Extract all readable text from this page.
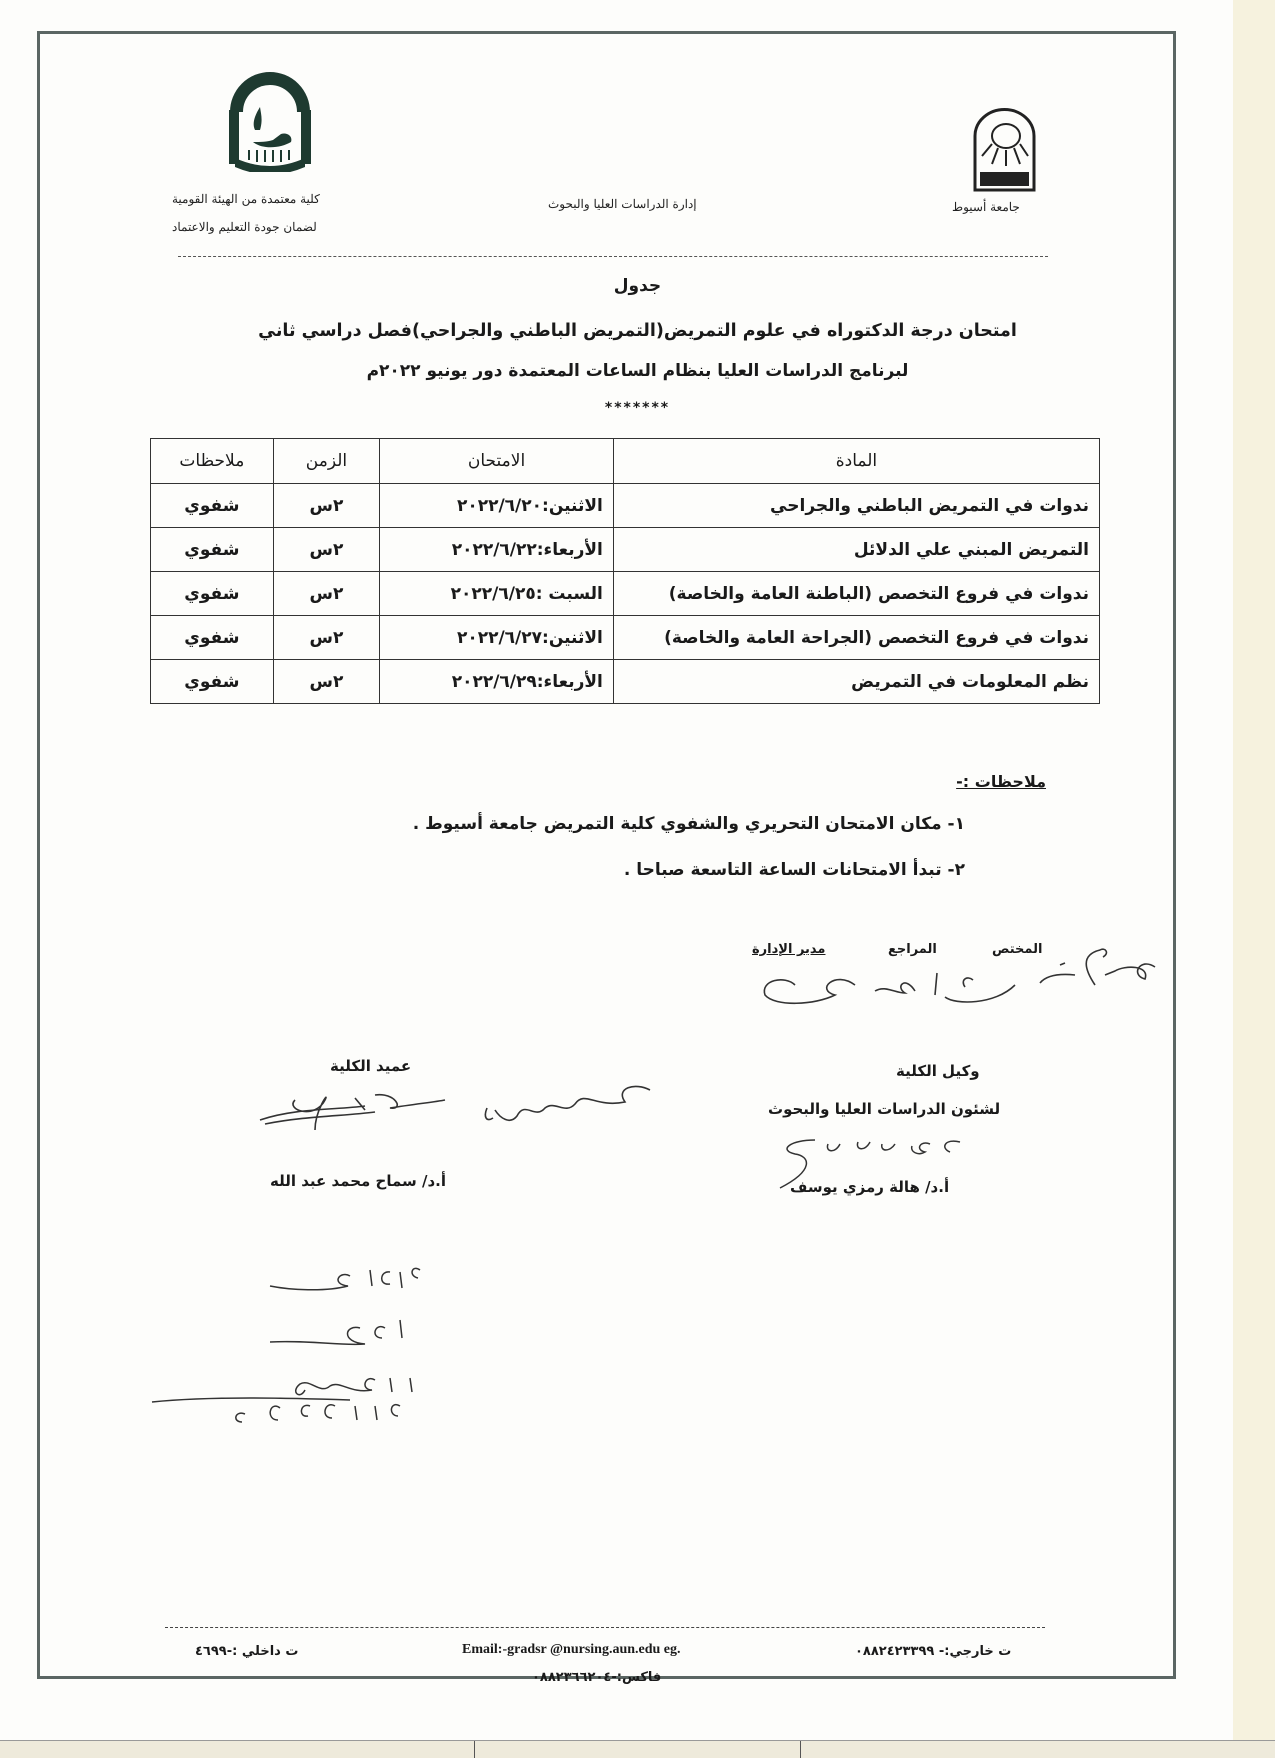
جامعة أسيوط
إدارة الدراسات العليا والبحوث
كلية معتمدة من الهيئة القومية
لضمان جودة التعليم والاعتماد
جدول
امتحان درجة الدكتوراه في علوم التمريض(التمريض الباطني والجراحي)فصل دراسي ثاني
لبرنامج الدراسات العليا بنظام الساعات المعتمدة دور يونيو ٢٠٢٢م
*******
المادة	الامتحان	الزمن	ملاحظات
ندوات في التمريض الباطني والجراحي	الاثنين:٢٠٢٢/٦/٢٠	٢س	شفوي
التمريض المبني علي الدلائل	الأربعاء:٢٠٢٢/٦/٢٢	٢س	شفوي
ندوات في فروع التخصص (الباطنة العامة والخاصة)	السبت :٢٠٢٢/٦/٢٥	٢س	شفوي
ندوات في فروع التخصص (الجراحة العامة والخاصة)	الاثنين:٢٠٢٢/٦/٢٧	٢س	شفوي
نظم المعلومات في التمريض	الأربعاء:٢٠٢٢/٦/٢٩	٢س	شفوي
ملاحظات :-
١- مكان الامتحان التحريري والشفوي كلية التمريض جامعة أسيوط .
٢- تبدأ الامتحانات الساعة التاسعة صباحا .
المختص
المراجع
مدير الإدارة
وكيل الكلية
لشئون الدراسات العليا والبحوث
أ.د/ هالة رمزي يوسف
عميد الكلية
أ.د/ سماح محمد عبد الله
ت خارجي:- ٠٨٨٢٤٢٣٣٩٩
Email:-gradsr @nursing.aun.edu eg.
ت داخلي :-٤٦٩٩
فاكس:-٠٨٨٢٣٦٦٢٠٤
